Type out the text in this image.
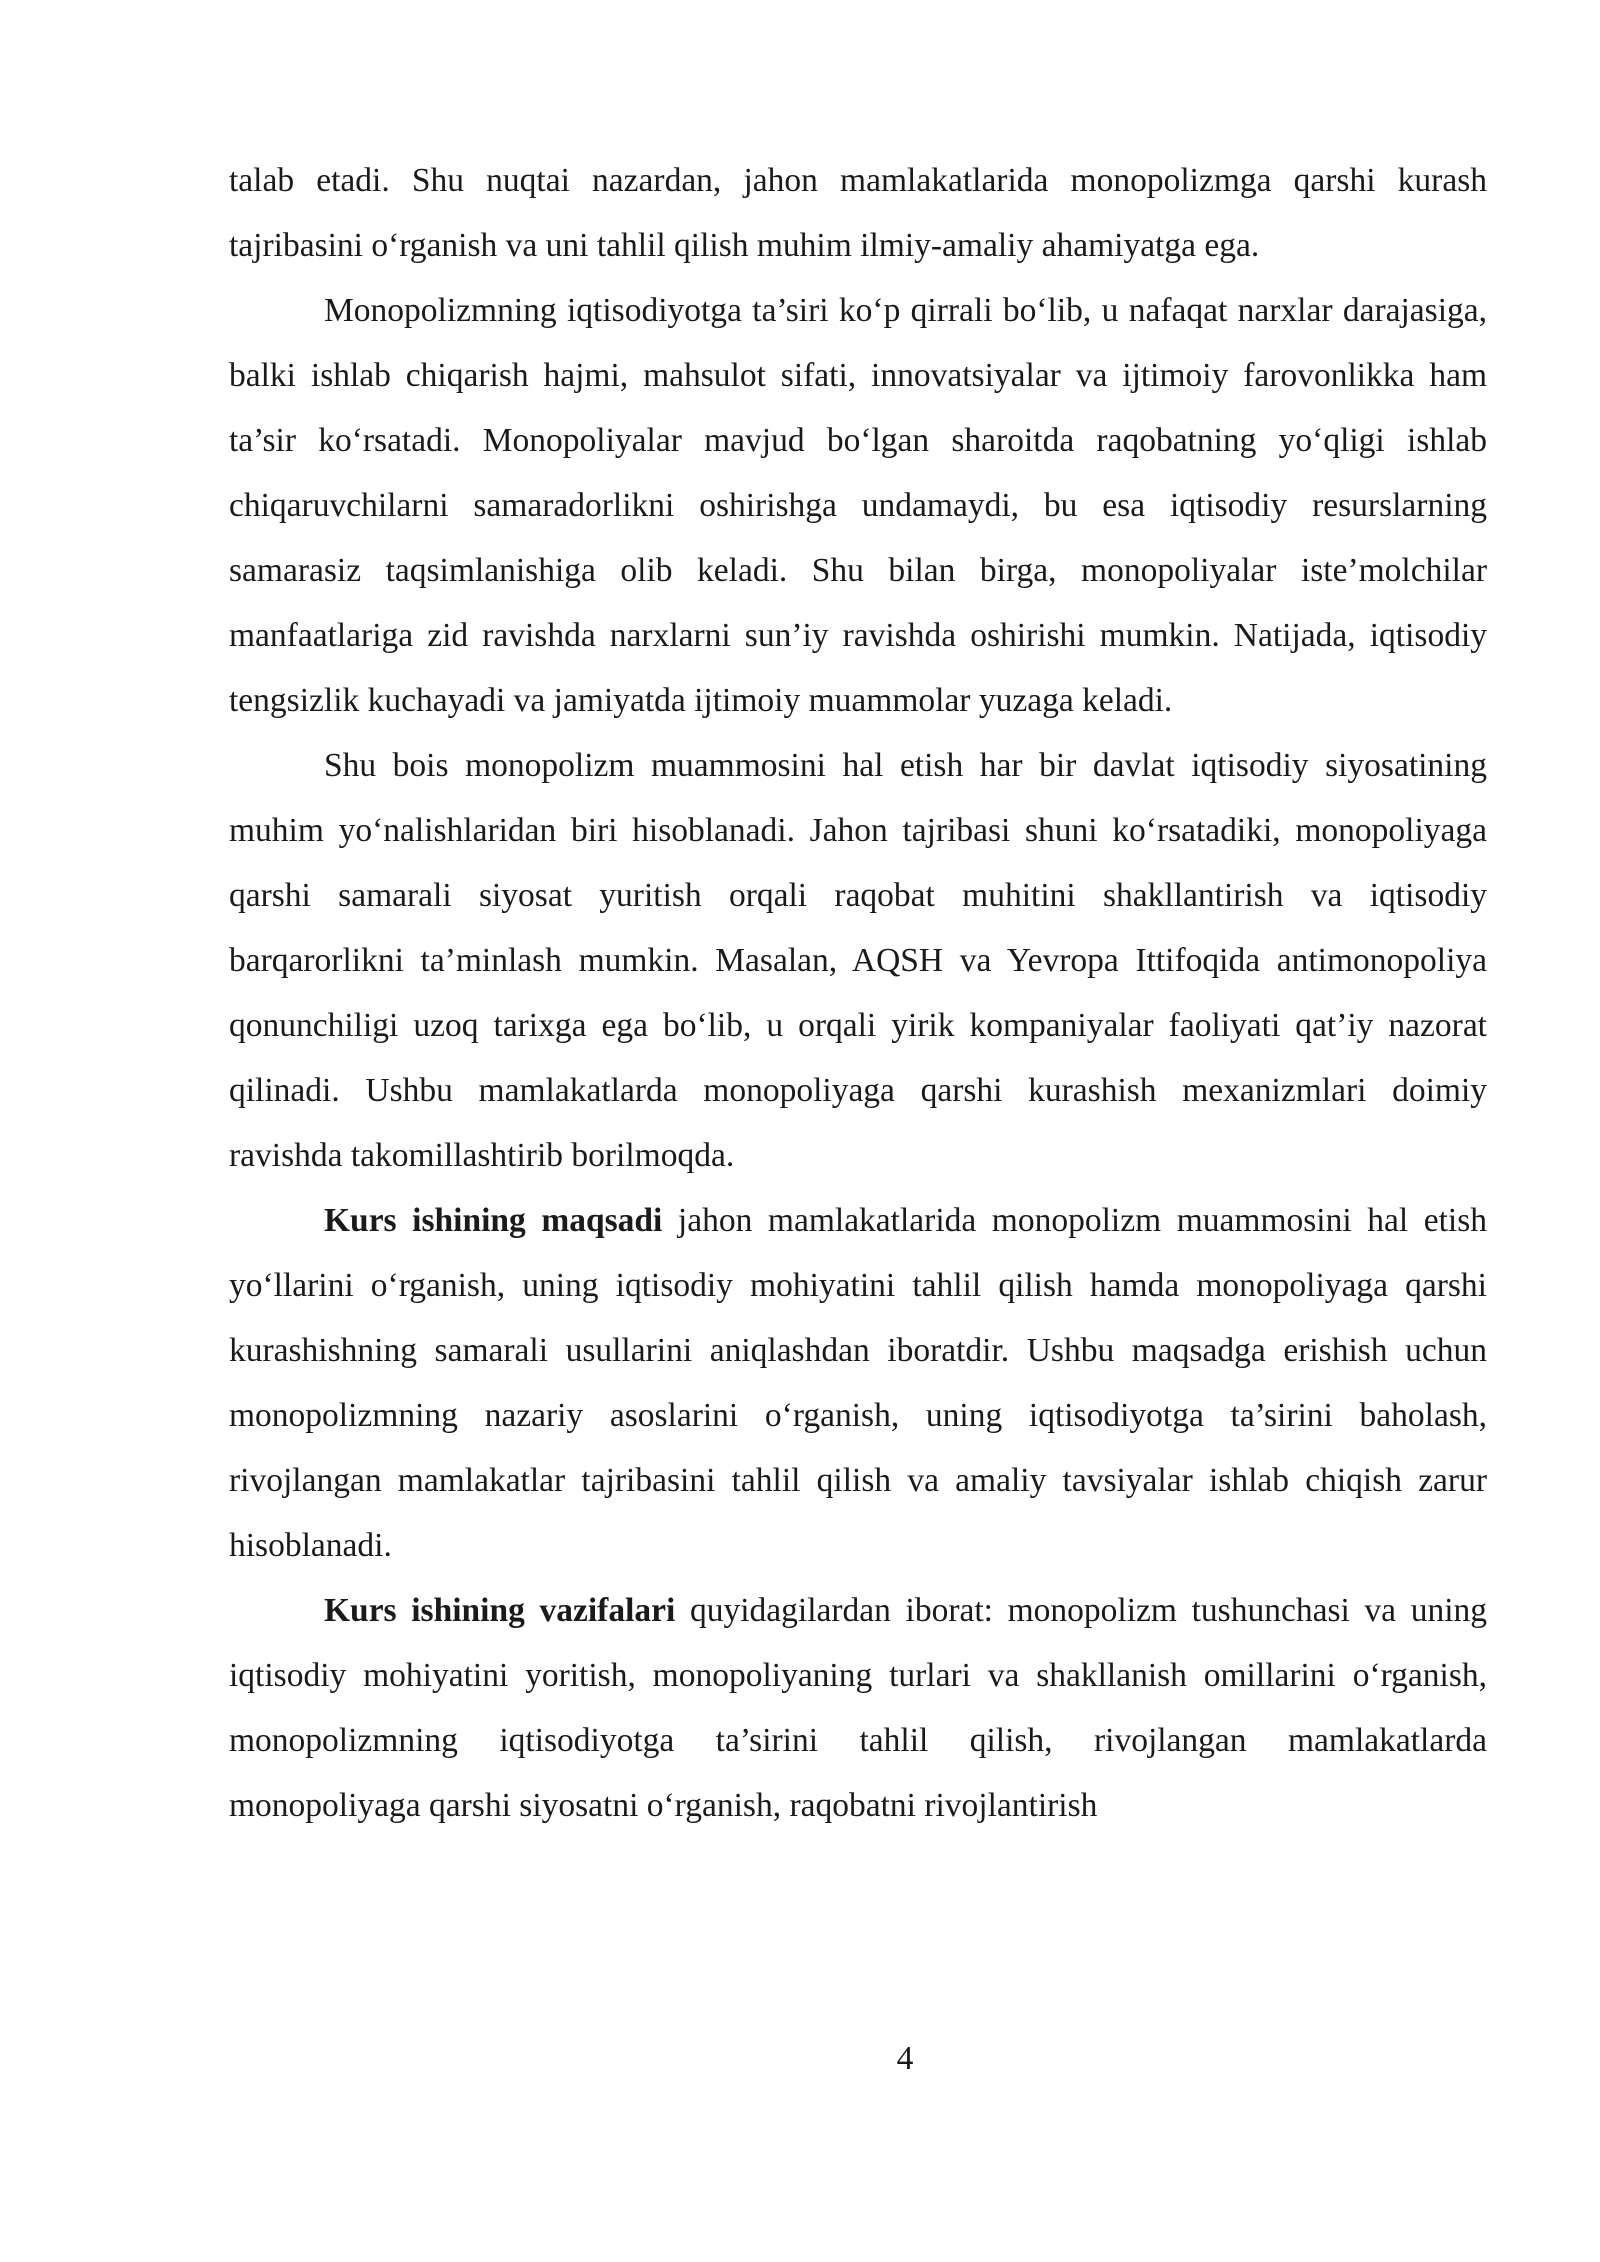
talab etadi. Shu nuqtai nazardan, jahon mamlakatlarida monopolizmga qarshi kurash tajribasini o‘rganish va uni tahlil qilish muhim ilmiy-amaliy ahamiyatga ega.

Monopolizmning iqtisodiyotga ta’siri ko‘p qirrali bo‘lib, u nafaqat narxlar darajasiga, balki ishlab chiqarish hajmi, mahsulot sifati, innovatsiyalar va ijtimoiy farovonlikka ham ta’sir ko‘rsatadi. Monopoliyalar mavjud bo‘lgan sharoitda raqobatning yo‘qligi ishlab chiqaruvchilarni samaradorlikni oshirishga undamaydi, bu esa iqtisodiy resurslarning samarasiz taqsimlanishiga olib keladi. Shu bilan birga, monopoliyalar iste’molchilar manfaatlariga zid ravishda narxlarni sun’iy ravishda oshirishi mumkin. Natijada, iqtisodiy tengsizlik kuchayadi va jamiyatda ijtimoiy muammolar yuzaga keladi.

Shu bois monopolizm muammosini hal etish har bir davlat iqtisodiy siyosatining muhim yo‘nalishlaridan biri hisoblanadi. Jahon tajribasi shuni ko‘rsatadiki, monopoliyaga qarshi samarali siyosat yuritish orqali raqobat muhitini shakllantirish va iqtisodiy barqarorlikni ta’minlash mumkin. Masalan, AQSH va Yevropa Ittifoqida antimonopoliya qonunchiligi uzoq tarixga ega bo‘lib, u orqali yirik kompaniyalar faoliyati qat’iy nazorat qilinadi. Ushbu mamlakatlarda monopoliyaga qarshi kurashish mexanizmlari doimiy ravishda takomillashtirib borilmoqda.

Kurs ishining maqsadi jahon mamlakatlarida monopolizm muammosini hal etish yo‘llarini o‘rganish, uning iqtisodiy mohiyatini tahlil qilish hamda monopoliyaga qarshi kurashishning samarali usullarini aniqlashdan iboratdir. Ushbu maqsadga erishish uchun monopolizmning nazariy asoslarini o‘rganish, uning iqtisodiyotga ta’sirini baholash, rivojlangan mamlakatlar tajribasini tahlil qilish va amaliy tavsiyalar ishlab chiqish zarur hisoblanadi.

Kurs ishining vazifalari quyidagilardan iborat: monopolizm tushunchasi va uning iqtisodiy mohiyatini yoritish, monopoliyaning turlari va shakllanish omillarini o‘rganish, monopolizmning iqtisodiyotga ta’sirini tahlil qilish, rivojlangan mamlakatlarda monopoliyaga qarshi siyosatni o‘rganish, raqobatni rivojlantirish

4
